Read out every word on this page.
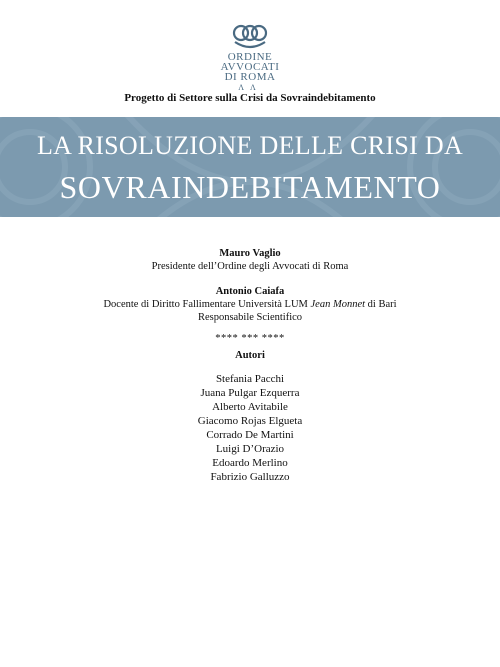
ORDINE
AVVOCATI
DI ROMA
ΛΛ
Progetto di Settore sulla Crisi da Sovraindebitamento
LA RISOLUZIONE DELLE CRISI DA
SOVRAINDEBITAMENTO
Mauro Vaglio
Presidente dell’Ordine degli Avvocati di Roma
Antonio Caiafa
Docente di Diritto Fallimentare Università LUM Jean Monnet di Bari
Responsabile Scientifico
**** *** ****
Autori
Stefania Pacchi
Juana Pulgar Ezquerra
Alberto Avitabile
Giacomo Rojas Elgueta
Corrado De Martini
Luigi D’Orazio
Edoardo Merlino
Fabrizio Galluzzo
